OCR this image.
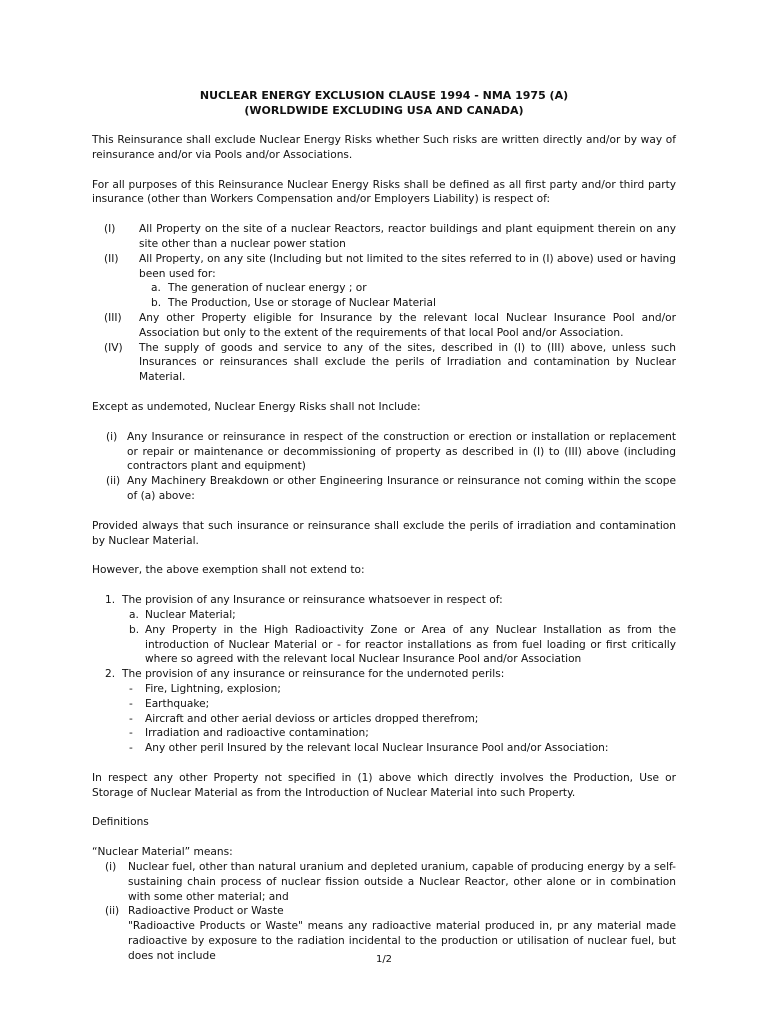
NUCLEAR ENERGY EXCLUSION CLAUSE 1994 - NMA 1975 (A)
(WORLDWIDE EXCLUDING USA AND CANADA)

This Reinsurance shall exclude Nuclear Energy Risks whether Such risks are written directly and/or by way of reinsurance and/or via Pools and/or Associations.

For all purposes of this Reinsurance Nuclear Energy Risks shall be defined as all first party and/or third party insurance (other than Workers Compensation and/or Employers Liability) is respect of:

(I)	All Property on the site of a nuclear Reactors, reactor buildings and plant equipment therein on any site other than a nuclear power station
(II)	All Property, on any site (Including but not limited to the sites referred to in (I) above) used or having been used for:
a. The generation of nuclear energy ; or
b. The Production, Use or storage of Nuclear Material
(III)	Any other Property eligible for Insurance by the relevant local Nuclear Insurance Pool and/or Association but only to the extent of the requirements of that local Pool and/or Association.
(IV)	The supply of goods and service to any of the sites, described in (I) to (III) above, unless such Insurances or reinsurances shall exclude the perils of Irradiation and contamination by Nuclear Material.

Except as undemoted, Nuclear Energy Risks shall not Include:

(i) Any Insurance or reinsurance in respect of the construction or erection or installation or replacement or repair or maintenance or decommissioning of property as described in (I) to (III) above (including contractors plant and equipment)
(ii) Any Machinery Breakdown or other Engineering Insurance or reinsurance not coming within the scope of (a) above:

Provided always that such insurance or reinsurance shall exclude the perils of irradiation and contamination by Nuclear Material.

However, the above exemption shall not extend to:

1. The provision of any Insurance or reinsurance whatsoever in respect of:
a. Nuclear Material;
b. Any Property in the High Radioactivity Zone or Area of any Nuclear Installation as from the introduction of Nuclear Material or - for reactor installations as from fuel loading or first critically where so agreed with the relevant local Nuclear Insurance Pool and/or Association
2. The provision of any insurance or reinsurance for the undernoted perils:
-	Fire, Lightning, explosion;
-	Earthquake;
-	Aircraft and other aerial devioss or articles dropped therefrom;
-	Irradiation and radioactive contamination;
-	Any other peril Insured by the relevant local Nuclear Insurance Pool and/or Association:

In respect any other Property not specified in (1) above which directly involves the Production, Use or Storage of Nuclear Material as from the Introduction of Nuclear Material into such Property.

Definitions

“Nuclear Material” means:

(i)	Nuclear fuel, other than natural uranium and depleted uranium, capable of producing energy by a self-sustaining chain process of nuclear fission outside a Nuclear Reactor, other alone or in combination with some other material; and
(ii) Radioactive Product or Waste
"Radioactive Products or Waste" means any radioactive material produced in, pr any material made radioactive by exposure to the radiation incidental to the production or utilisation of nuclear fuel, but does not include	1/2
